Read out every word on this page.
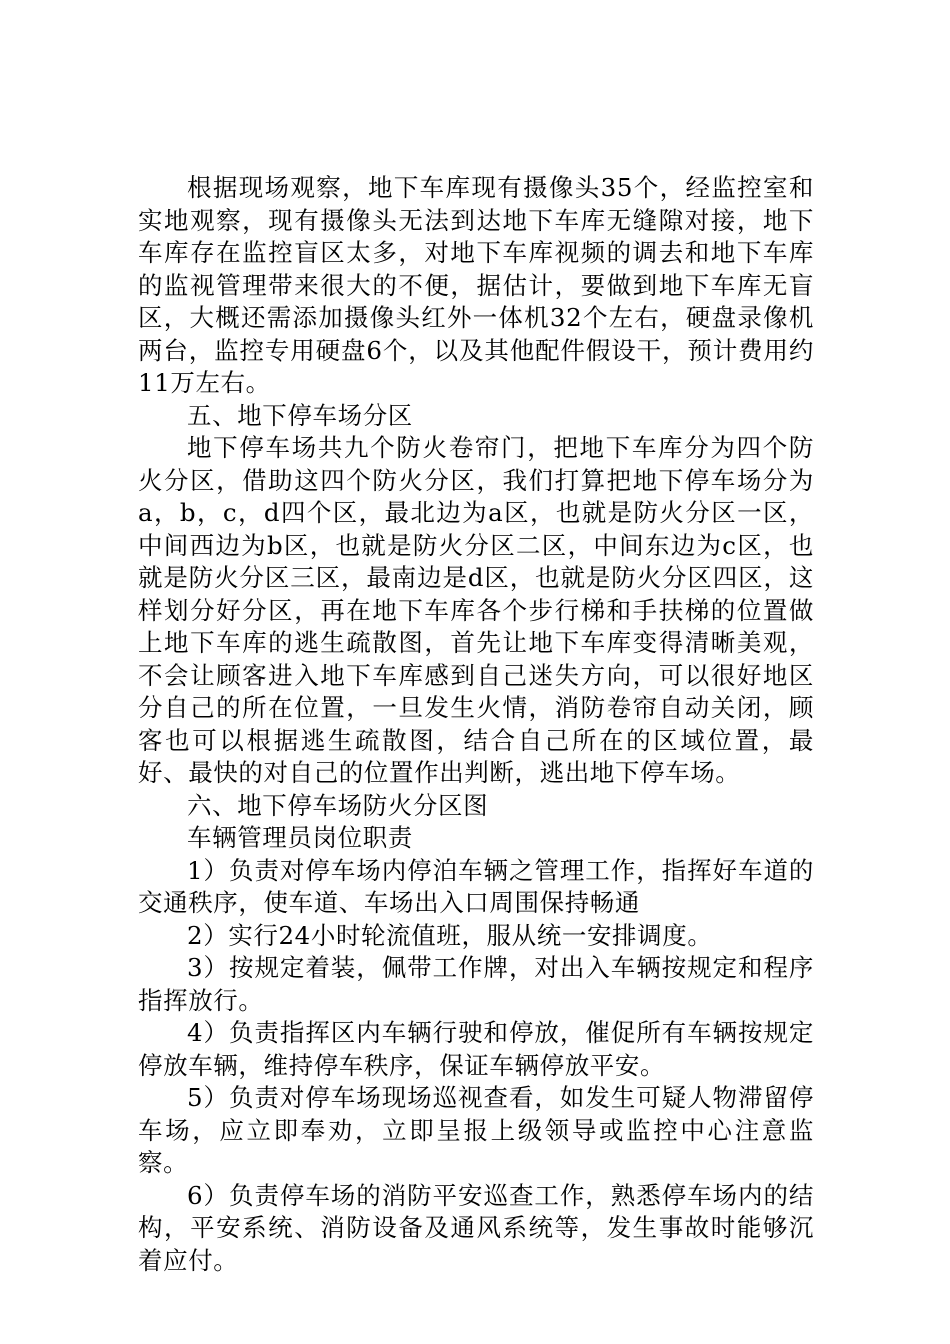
根据现场观察，地下车库现有摄像头35个，经监控室和实地观察，现有摄像头无法到达地下车库无缝隙对接，地下车库存在监控盲区太多，对地下车库视频的调去和地下车库的监视管理带来很大的不便，据估计，要做到地下车库无盲区，大概还需添加摄像头红外一体机32个左右，硬盘录像机两台，监控专用硬盘6个，以及其他配件假设干，预计费用约11万左右。

五、地下停车场分区

地下停车场共九个防火卷帘门，把地下车库分为四个防火分区，借助这四个防火分区，我们打算把地下停车场分为a，b，c，d四个区，最北边为a区，也就是防火分区一区，中间西边为b区，也就是防火分区二区，中间东边为c区，也就是防火分区三区，最南边是d区，也就是防火分区四区，这样划分好分区，再在地下车库各个步行梯和手扶梯的位置做上地下车库的逃生疏散图，首先让地下车库变得清晰美观，不会让顾客进入地下车库感到自己迷失方向，可以很好地区分自己的所在位置，一旦发生火情，消防卷帘自动关闭，顾客也可以根据逃生疏散图，结合自己所在的区域位置，最好、最快的对自己的位置作出判断，逃出地下停车场。

六、地下停车场防火分区图

车辆管理员岗位职责

1）负责对停车场内停泊车辆之管理工作，指挥好车道的交通秩序，使车道、车场出入口周围保持畅通

2）实行24小时轮流值班，服从统一安排调度。

3）按规定着装，佩带工作牌，对出入车辆按规定和程序指挥放行。

4）负责指挥区内车辆行驶和停放，催促所有车辆按规定停放车辆，维持停车秩序，保证车辆停放平安。

5）负责对停车场现场巡视查看，如发生可疑人物滞留停车场，应立即奉劝，立即呈报上级领导或监控中心注意监察。

6）负责停车场的消防平安巡查工作，熟悉停车场内的结构，平安系统、消防设备及通风系统等，发生事故时能够沉着应付。
